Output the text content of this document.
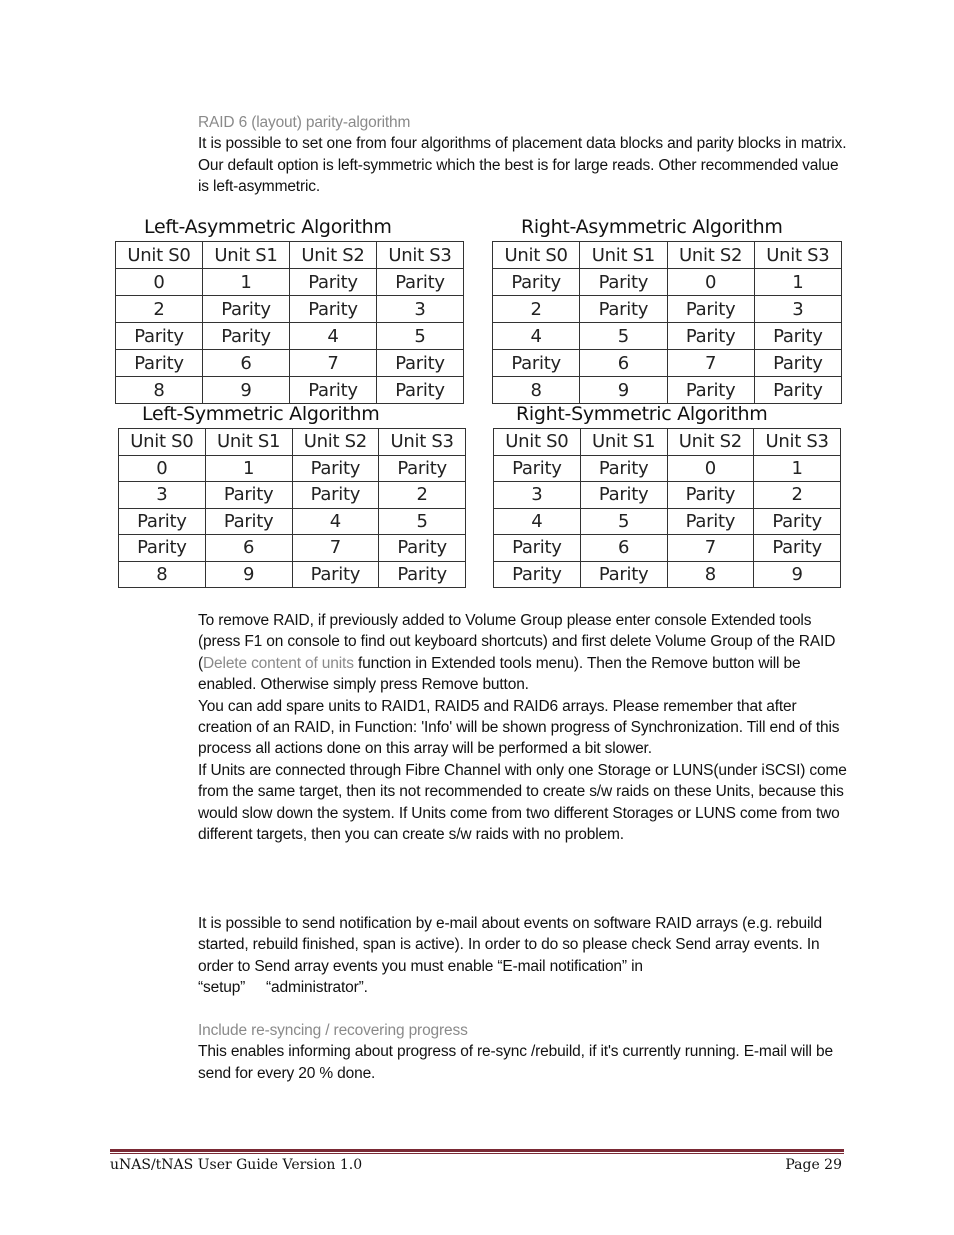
RAID 6 (layout) parity-algorithm

It is possible to set one from four algorithms of placement data blocks and parity blocks in matrix. Our default option is left-symmetric which the best is for large reads. Other recommended value is left-asymmetric.

Left-Asymmetric Algorithm	Right-Asymmetric Algorithm
Left-Symmetric Algorithm	Right-Symmetric Algorithm
Unit S0	Unit S1	Unit S2	Unit S3
0	1	Parity	Parity
2	Parity	Parity	3
Parity	Parity	4	5
Parity	6	7	Parity
8	9	Parity	Parity
Unit S0	Unit S1	Unit S2	Unit S3
Parity	Parity	0	1
2	Parity	Parity	3
4	5	Parity	Parity
Parity	6	7	Parity
8	9	Parity	Parity
Unit S0	Unit S1	Unit S2	Unit S3
0	1	Parity	Parity
3	Parity	Parity	2
Parity	Parity	4	5
Parity	6	7	Parity
8	9	Parity	Parity
Unit S0	Unit S1	Unit S2	Unit S3
Parity	Parity	0	1
3	Parity	Parity	2
4	5	Parity	Parity
Parity	6	7	Parity
Parity	Parity	8	9

To remove RAID, if previously added to Volume Group please enter console Extended tools (press F1 on console to find out keyboard shortcuts) and first delete Volume Group of the RAID (Delete content of units function in Extended tools menu). Then the Remove button will be enabled. Otherwise simply press Remove button.

You can add spare units to RAID1, RAID5 and RAID6 arrays. Please remember that after creation of an RAID, in Function: 'Info' will be shown progress of Synchronization. Till end of this process all actions done on this array will be performed a bit slower.

If Units are connected through Fibre Channel with only one Storage or LUNS(under iSCSI) come from the same target, then its not recommended to create s/w raids on these Units, because this would slow down the system. If Units come from two different Storages or LUNS come from two different targets, then you can create s/w raids with no problem.

It is possible to send notification by e-mail about events on software RAID arrays (e.g. rebuild started, rebuild finished, span is active). In order to do so please check Send array events. In order to Send array events you must enable “E-mail notification” in

“setup” “administrator”.

Include re-syncing / recovering progress

This enables informing about progress of re-sync /rebuild, if it's currently running. E-mail will be send for every 20 % done.

uNAS/tNAS User Guide Version 1.0	Page 29
